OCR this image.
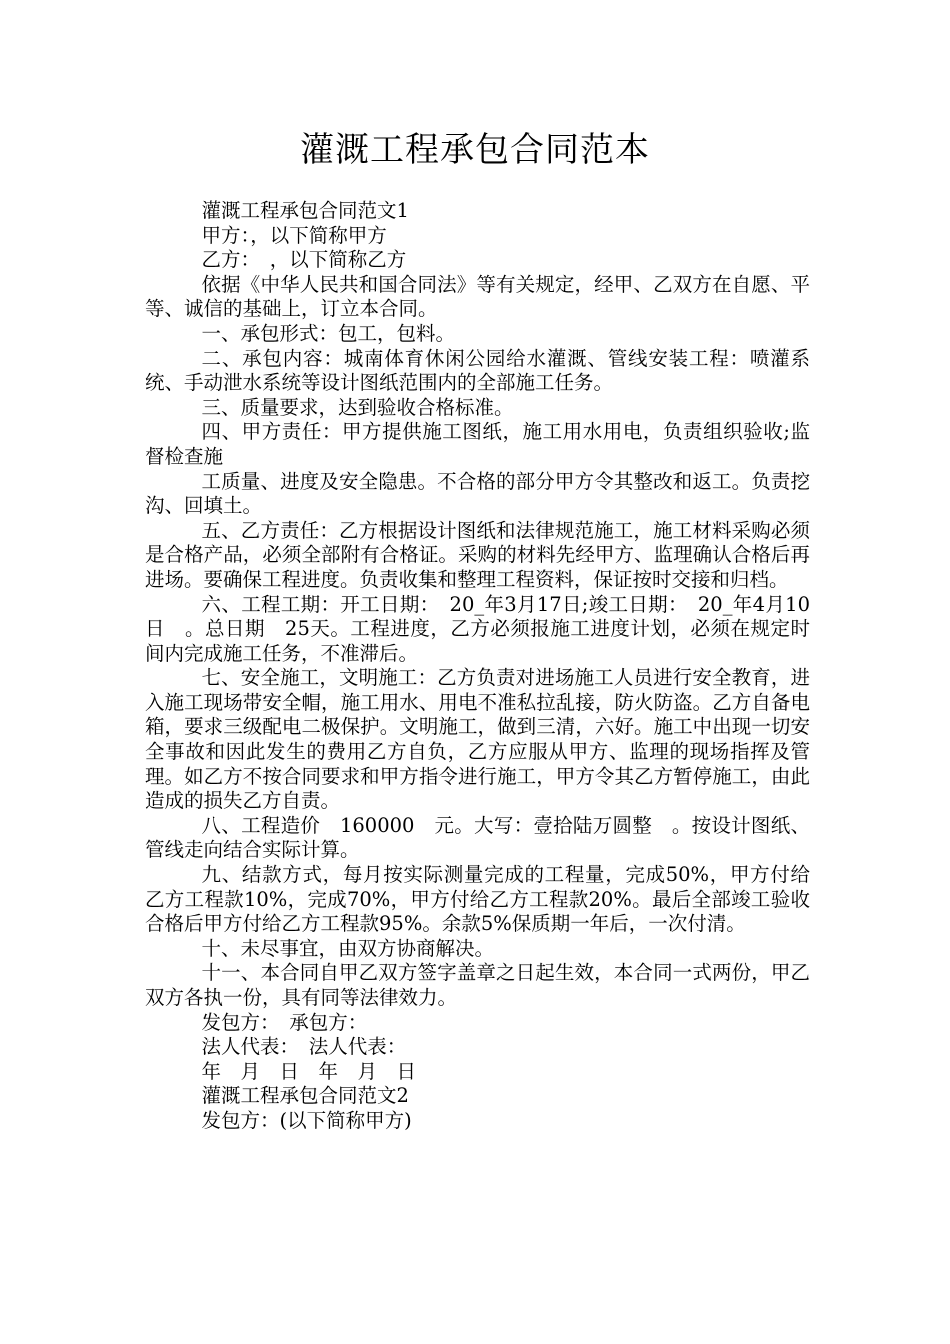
灌溉工程承包合同范本

灌溉工程承包合同范文1

甲方：，以下简称甲方

乙方：　，以下简称乙方

依据《中华人民共和国合同法》等有关规定，经甲、乙双方在自愿、平等、诚信的基础上，订立本合同。

一、承包形式：包工，包料。

二、承包内容：城南体育休闲公园给水灌溉、管线安装工程：喷灌系统、手动泄水系统等设计图纸范围内的全部施工任务。

三、质量要求，达到验收合格标准。

四、甲方责任：甲方提供施工图纸，施工用水用电，负责组织验收;监督检查施

工质量、进度及安全隐患。不合格的部分甲方令其整改和返工。负责挖沟、回填土。

五、乙方责任：乙方根据设计图纸和法律规范施工，施工材料采购必须是合格产品，必须全部附有合格证。采购的材料先经甲方、监理确认合格后再进场。要确保工程进度。负责收集和整理工程资料，保证按时交接和归档。

六、工程工期：开工日期：　20_年3月17日;竣工日期：　20_年4月10日　。总日期　25天。工程进度，乙方必须报施工进度计划，必须在规定时间内完成施工任务，不准滞后。

七、安全施工，文明施工：乙方负责对进场施工人员进行安全教育，进入施工现场带安全帽，施工用水、用电不准私拉乱接，防火防盗。乙方自备电箱，要求三级配电二极保护。文明施工，做到三清，六好。施工中出现一切安全事故和因此发生的费用乙方自负，乙方应服从甲方、监理的现场指挥及管理。如乙方不按合同要求和甲方指令进行施工，甲方令其乙方暂停施工，由此造成的损失乙方自责。

八、工程造价　160000　元。大写：壹拾陆万圆整　。按设计图纸、管线走向结合实际计算。

九、结款方式，每月按实际测量完成的工程量，完成50%，甲方付给乙方工程款10%，完成70%，甲方付给乙方工程款20%。最后全部竣工验收合格后甲方付给乙方工程款95%。余款5%保质期一年后，一次付清。

十、未尽事宜，由双方协商解决。

十一、本合同自甲乙双方签字盖章之日起生效，本合同一式两份，甲乙双方各执一份，具有同等法律效力。

发包方：　承包方：

法人代表：　法人代表：

年　月　日　年　月　日

灌溉工程承包合同范文2

发包方：(以下简称甲方)
